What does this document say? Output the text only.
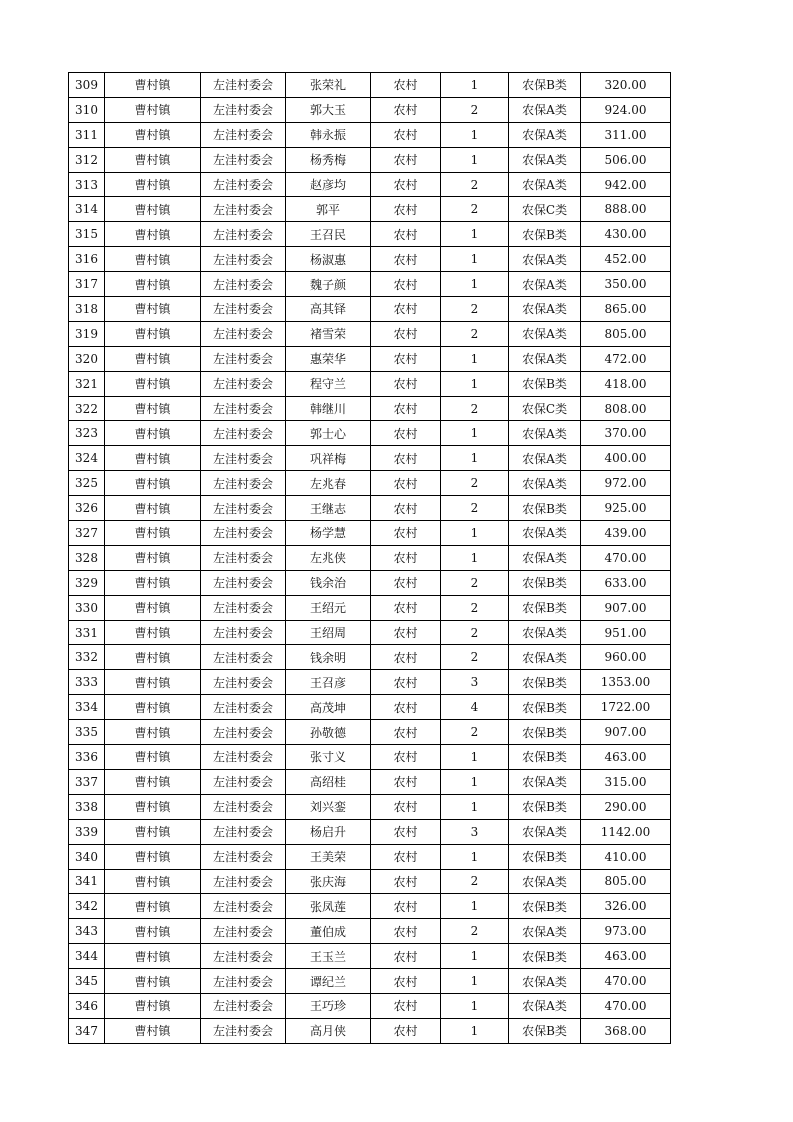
309	曹村镇	左洼村委会	张荣礼	农村	1	农保B类	320.00
310	曹村镇	左洼村委会	郭大玉	农村	2	农保A类	924.00
311	曹村镇	左洼村委会	韩永振	农村	1	农保A类	311.00
312	曹村镇	左洼村委会	杨秀梅	农村	1	农保A类	506.00
313	曹村镇	左洼村委会	赵彦均	农村	2	农保A类	942.00
314	曹村镇	左洼村委会	郭平	农村	2	农保C类	888.00
315	曹村镇	左洼村委会	王召民	农村	1	农保B类	430.00
316	曹村镇	左洼村委会	杨淑惠	农村	1	农保A类	452.00
317	曹村镇	左洼村委会	魏子颜	农村	1	农保A类	350.00
318	曹村镇	左洼村委会	高其铎	农村	2	农保A类	865.00
319	曹村镇	左洼村委会	褚雪荣	农村	2	农保A类	805.00
320	曹村镇	左洼村委会	惠荣华	农村	1	农保A类	472.00
321	曹村镇	左洼村委会	程守兰	农村	1	农保B类	418.00
322	曹村镇	左洼村委会	韩继川	农村	2	农保C类	808.00
323	曹村镇	左洼村委会	郭士心	农村	1	农保A类	370.00
324	曹村镇	左洼村委会	巩祥梅	农村	1	农保A类	400.00
325	曹村镇	左洼村委会	左兆春	农村	2	农保A类	972.00
326	曹村镇	左洼村委会	王继志	农村	2	农保B类	925.00
327	曹村镇	左洼村委会	杨学慧	农村	1	农保A类	439.00
328	曹村镇	左洼村委会	左兆侠	农村	1	农保A类	470.00
329	曹村镇	左洼村委会	钱余治	农村	2	农保B类	633.00
330	曹村镇	左洼村委会	王绍元	农村	2	农保B类	907.00
331	曹村镇	左洼村委会	王绍周	农村	2	农保A类	951.00
332	曹村镇	左洼村委会	钱余明	农村	2	农保A类	960.00
333	曹村镇	左洼村委会	王召彦	农村	3	农保B类	1353.00
334	曹村镇	左洼村委会	高茂坤	农村	4	农保B类	1722.00
335	曹村镇	左洼村委会	孙敬德	农村	2	农保B类	907.00
336	曹村镇	左洼村委会	张寸义	农村	1	农保B类	463.00
337	曹村镇	左洼村委会	高绍桂	农村	1	农保A类	315.00
338	曹村镇	左洼村委会	刘兴銮	农村	1	农保B类	290.00
339	曹村镇	左洼村委会	杨启升	农村	3	农保A类	1142.00
340	曹村镇	左洼村委会	王美荣	农村	1	农保B类	410.00
341	曹村镇	左洼村委会	张庆海	农村	2	农保A类	805.00
342	曹村镇	左洼村委会	张凤莲	农村	1	农保B类	326.00
343	曹村镇	左洼村委会	董伯成	农村	2	农保A类	973.00
344	曹村镇	左洼村委会	王玉兰	农村	1	农保B类	463.00
345	曹村镇	左洼村委会	谭纪兰	农村	1	农保A类	470.00
346	曹村镇	左洼村委会	王巧珍	农村	1	农保A类	470.00
347	曹村镇	左洼村委会	高月侠	农村	1	农保B类	368.00
